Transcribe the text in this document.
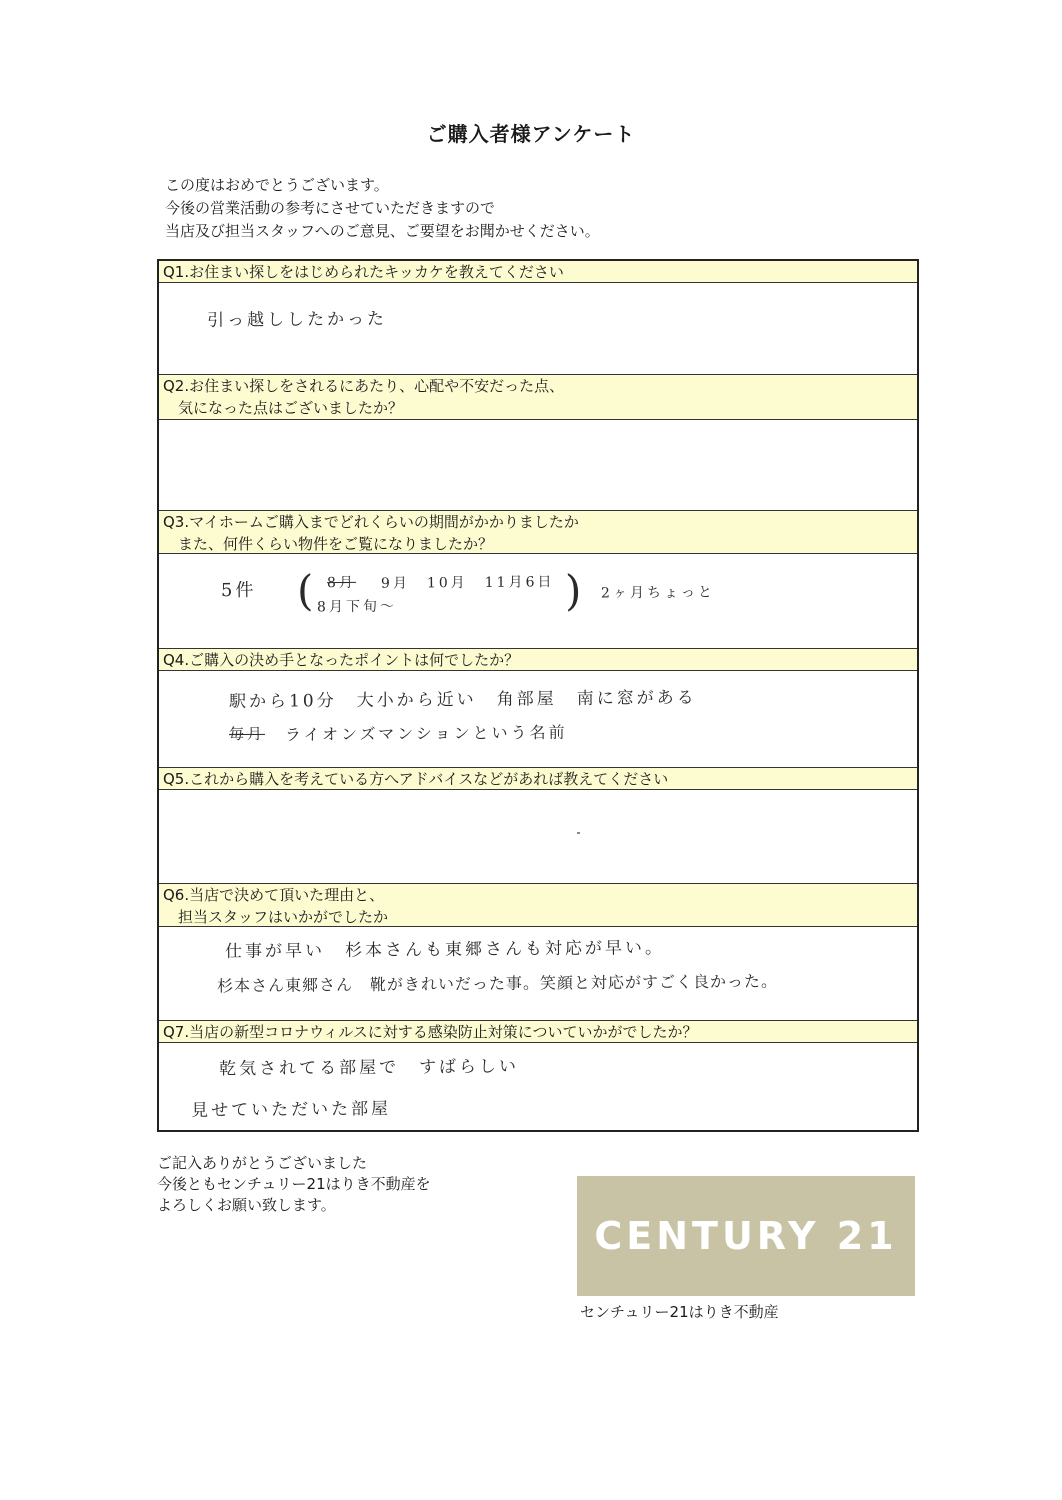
ご購入者様アンケート
この度はおめでとうございます。
今後の営業活動の参考にさせていただきますので
当店及び担当スタッフへのご意見、ご要望をお聞かせください。
Q1.お住まい探しをはじめられたキッカケを教えてください
引っ越ししたかった
Q2.お住まい探しをされるにあたり、心配や不安だった点、
　気になった点はございましたか？
Q3.マイホームご購入までどれくらいの期間がかかりましたか
　また、何件くらい物件をご覧になりましたか？
5件 ( 8月 9月　10月　11月6日
8月下旬〜	) 2ヶ月ちょっと
Q4.ご購入の決め手となったポイントは何でしたか？
駅から10分　大小から近い　角部屋　南に窓がある
毎月 ライオンズマンションという名前
Q5.これから購入を考えている方へアドバイスなどがあれば教えてください
Q6.当店で決めて頂いた理由と、
　担当スタッフはいかがでしたか
仕事が早い　杉本さんも東郷さんも対応が早い。
杉本さん東郷さん　靴がきれいだった事。笑顔と対応がすごく良かった。
Q7.当店の新型コロナウィルスに対する感染防止対策についていかがでしたか？
乾気されてる部屋で　すばらしい
見せていただいた部屋
ご記入ありがとうございました
今後ともセンチュリー21はりき不動産を
よろしくお願い致します。
CENTURY 21
センチュリー21はりき不動産
